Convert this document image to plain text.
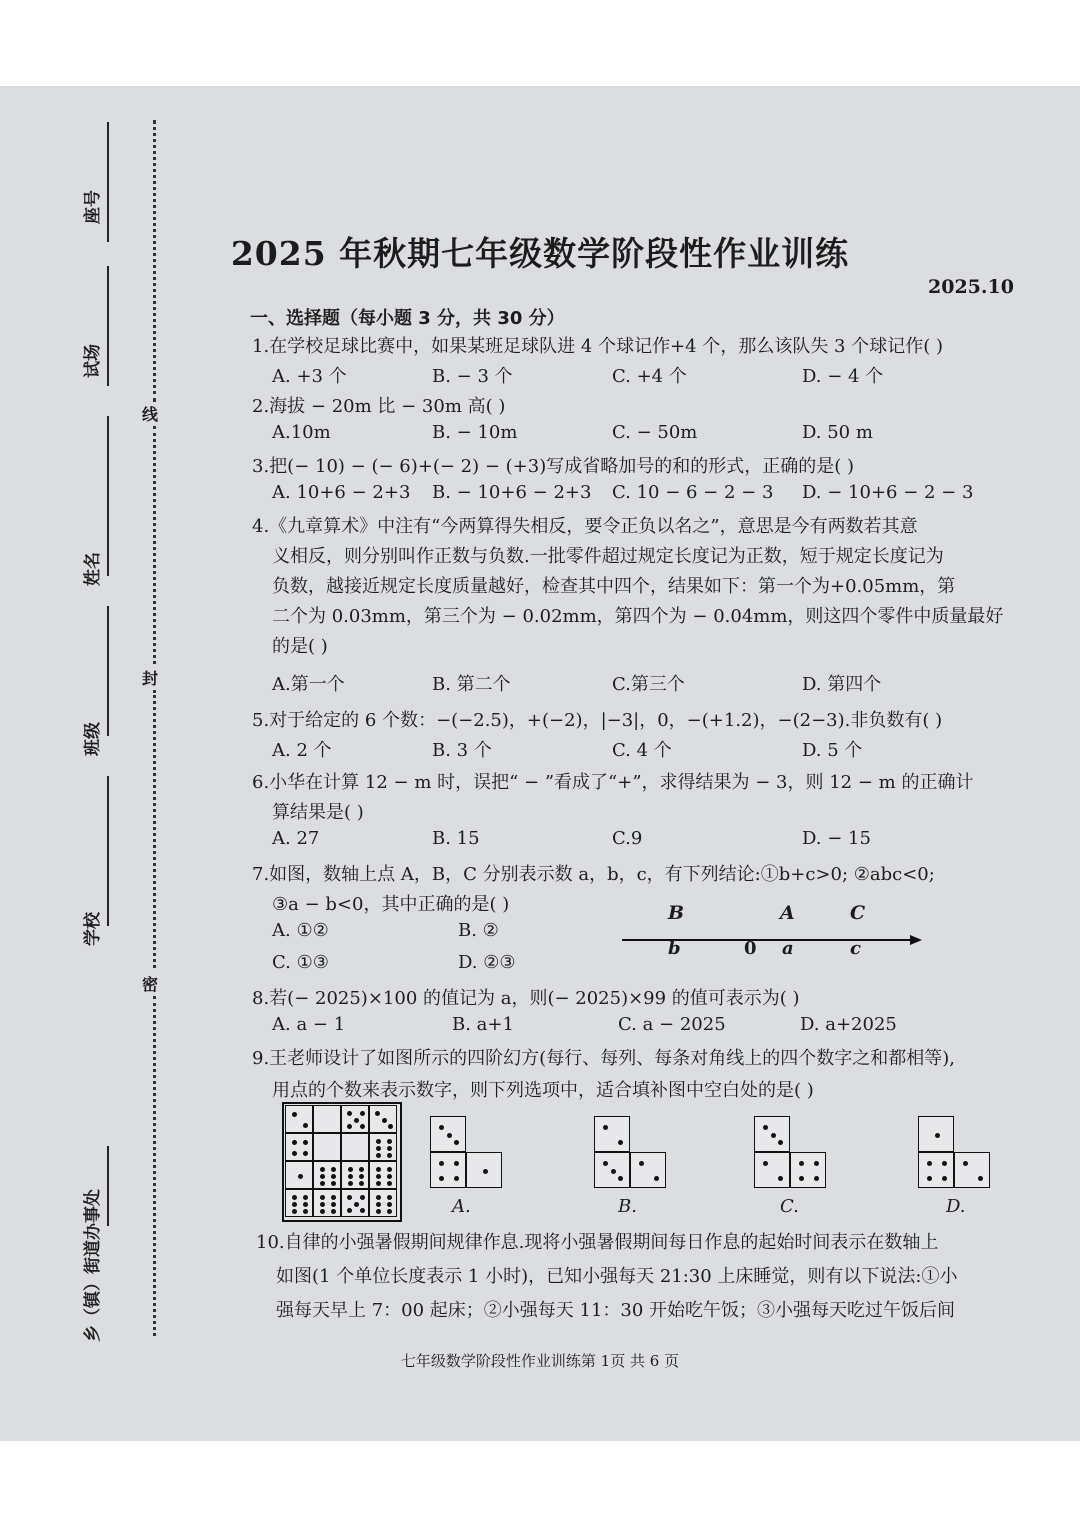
座号
试场
姓名
班级
学校
乡（镇）街道办事处
线
封
密
2025 年秋期七年级数学阶段性作业训练
2025.10
一、选择题（每小题 3 分，共 30 分）
1.在学校足球比赛中，如果某班足球队进 4 个球记作+4 个，那么该队失 3 个球记作( )
A. +3 个	B. − 3 个	C. +4 个	D. − 4 个
2.海拔 − 20m 比 − 30m 高( )
A.10m	B. − 10m	C. − 50m	D. 50 m
3.把(− 10) − (− 6)+(− 2) − (+3)写成省略加号的和的形式，正确的是( )
A. 10+6 − 2+3 B. − 10+6 − 2+3 C. 10 − 6 − 2 − 3 D. − 10+6 − 2 − 3
4.《九章算术》中注有“今两算得失相反，要令正负以名之”，意思是今有两数若其意
义相反，则分别叫作正数与负数.一批零件超过规定长度记为正数，短于规定长度记为
负数，越接近规定长度质量越好，检查其中四个，结果如下：第一个为+0.05mm，第
二个为 0.03mm，第三个为 − 0.02mm，第四个为 − 0.04mm，则这四个零件中质量最好
的是( )
A.第一个	B. 第二个	C.第三个	D. 第四个
5.对于给定的 6 个数：−(−2.5)，+(−2)，|−3|，0，−(+1.2)，−(2−3).非负数有( )
A. 2 个	B. 3 个	C. 4 个	D. 5 个
6.小华在计算 12 − m 时，误把“ − ”看成了“+”，求得结果为 − 3，则 12 − m 的正确计
算结果是( )
A. 27	B. 15	C.9	D. − 15
7.如图，数轴上点 A，B，C 分别表示数 a，b，c，有下列结论:①b+c>0; ②abc<0;
③a − b<0，其中正确的是( )
A. ①②	B. ②
C. ①③	D. ②③
B	A	C
b	0 a	c
8.若(− 2025)×100 的值记为 a，则(− 2025)×99 的值可表示为( )
A. a − 1	B. a+1	C. a − 2025	D. a+2025
9.王老师设计了如图所示的四阶幻方(每行、每列、每条对角线上的四个数字之和都相等),
用点的个数来表示数字，则下列选项中，适合填补图中空白处的是( )
A.	B.	C.	D.
10.自律的小强暑假期间规律作息.现将小强暑假期间每日作息的起始时间表示在数轴上
如图(1 个单位长度表示 1 小时)，已知小强每天 21:30 上床睡觉，则有以下说法:①小
强每天早上 7：00 起床；②小强每天 11：30 开始吃午饭；③小强每天吃过午饭后间
七年级数学阶段性作业训练第 1页 共 6 页
